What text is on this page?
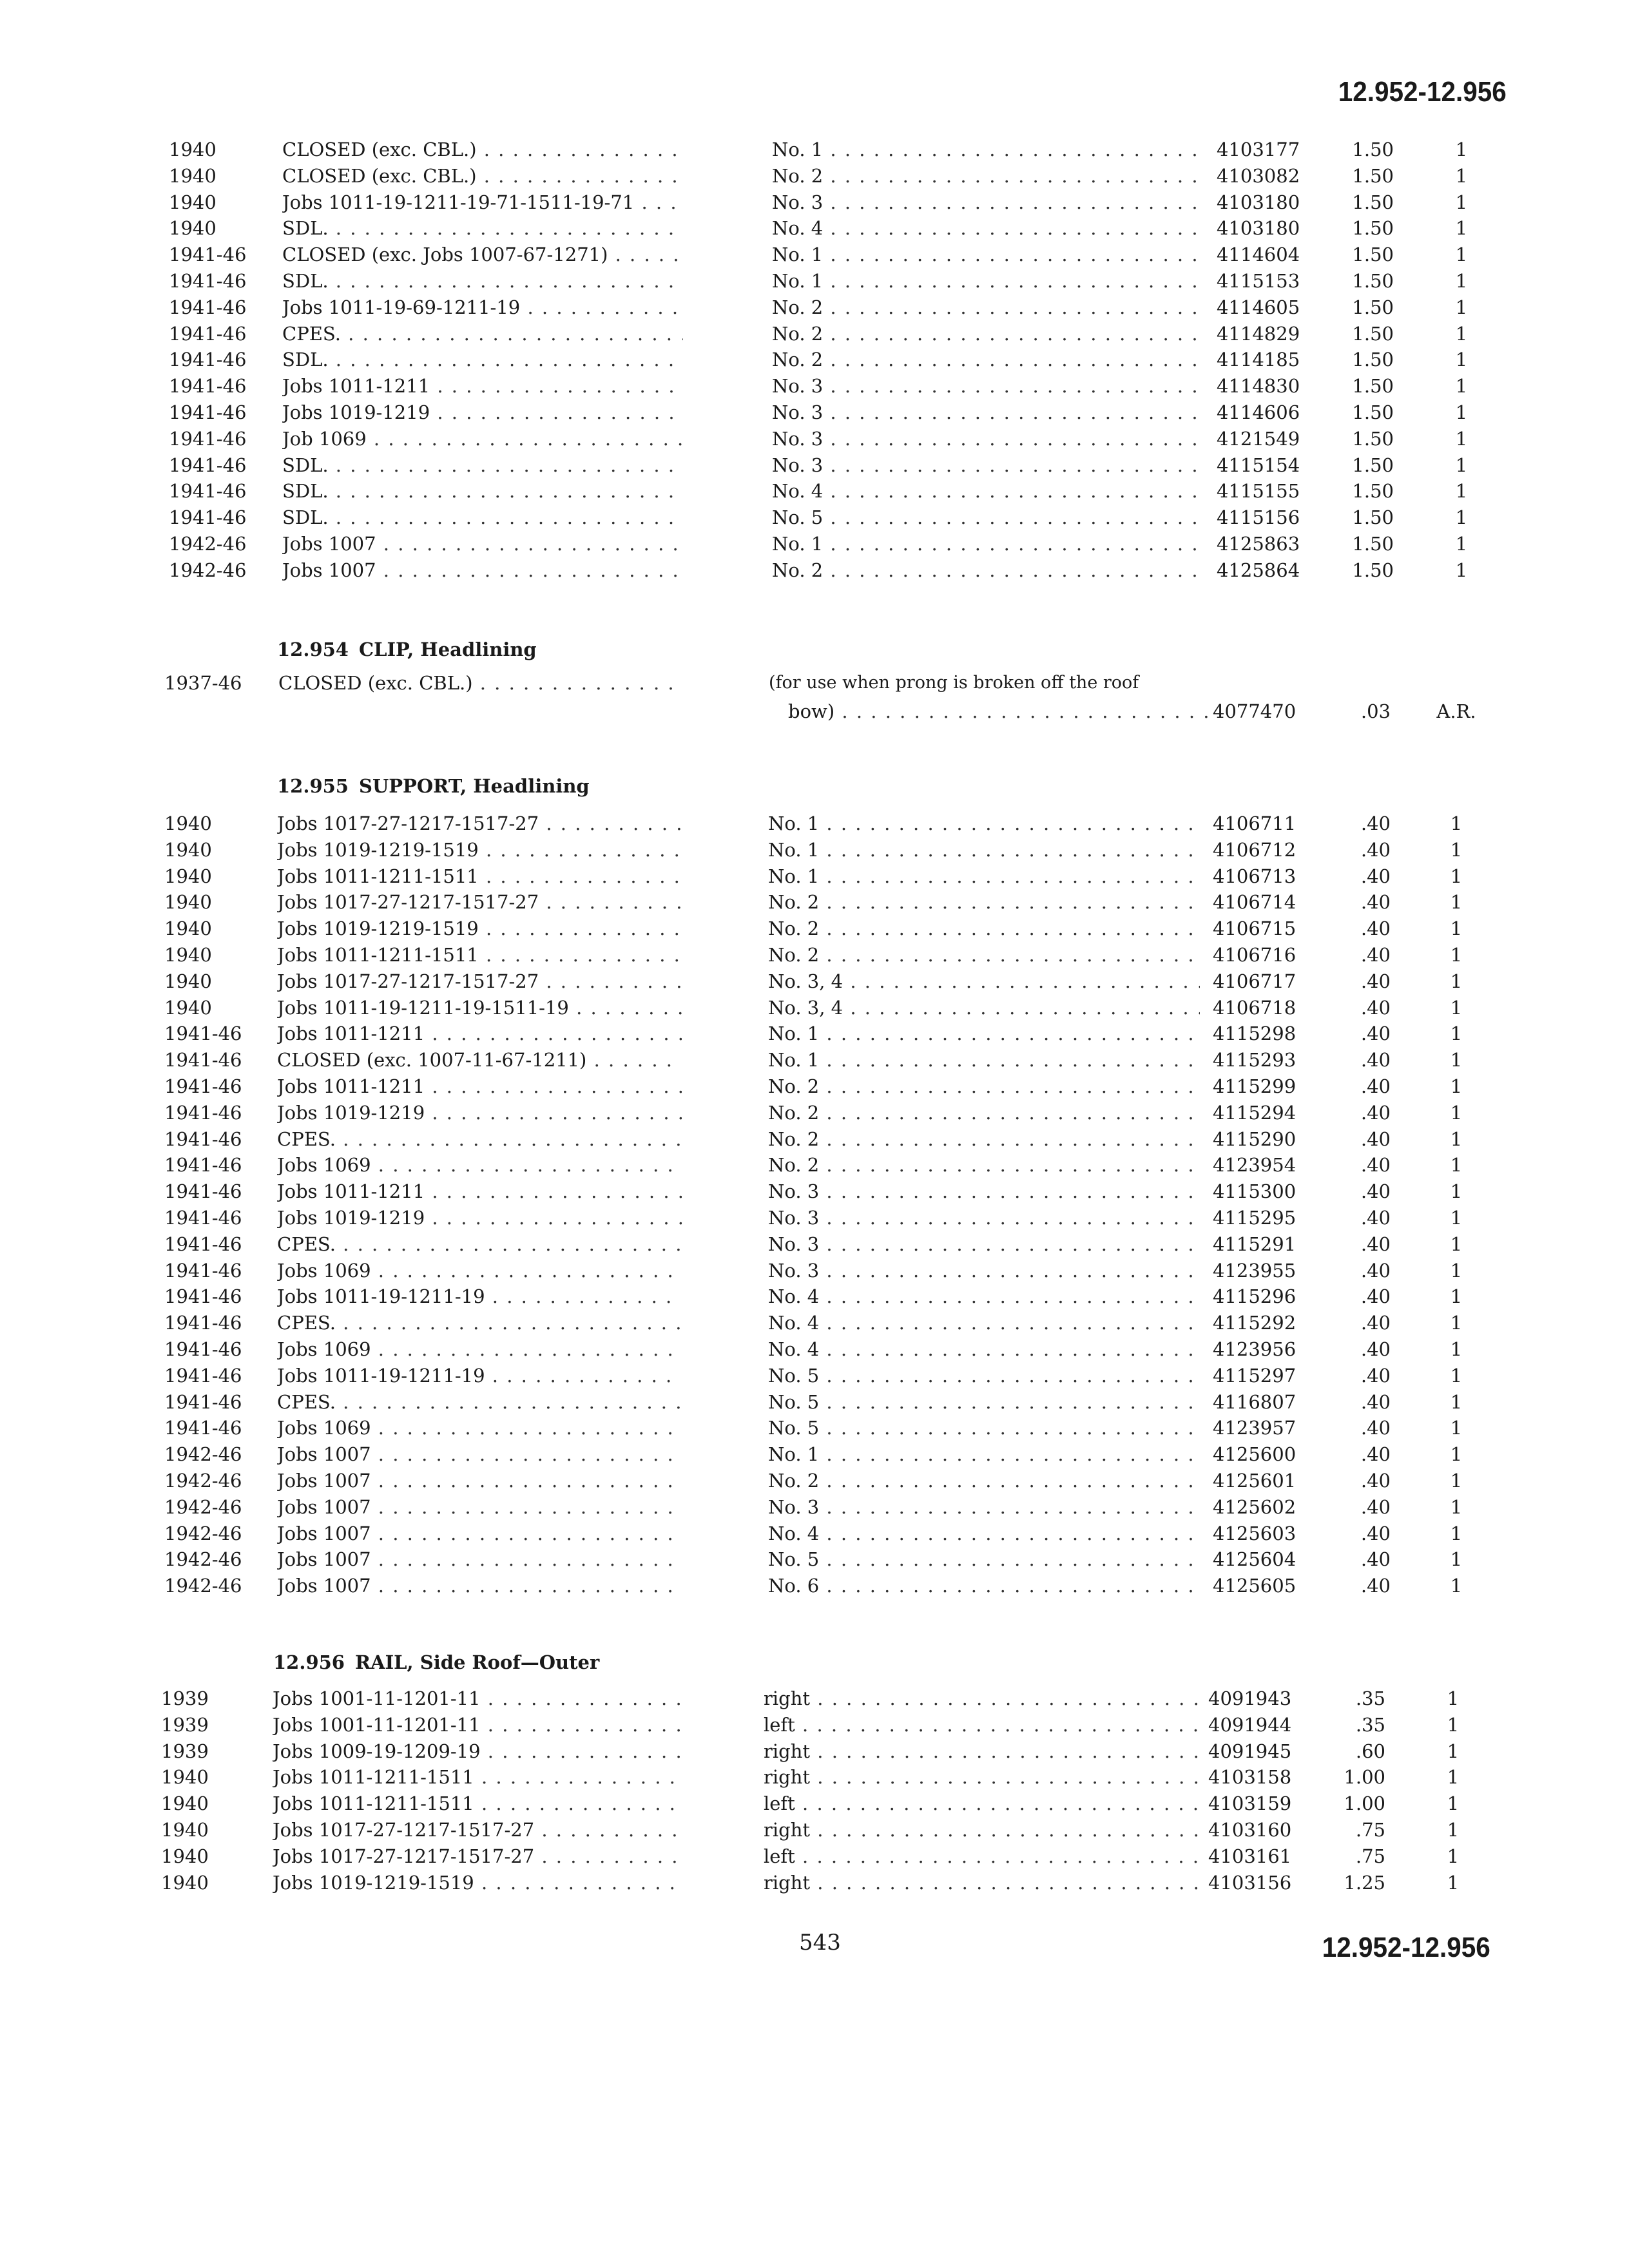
12.952-12.956
1940	CLOSED (exc. CBL.) . . .	No. 1 . . .	4103177	1.50	1
1940	CLOSED (exc. CBL.) . . .	No. 2 . . .	4103082	1.50	1
1940	Jobs 1011-19-1211-19-71-1511-19-71 . . .	No. 3 . . .	4103180	1.50	1
1940	SDL. . . .	No. 4 . . .	4103180	1.50	1
1941-46 CLOSED (exc. Jobs 1007-67-1271) . . .	No. 1 . . .	4114604	1.50	1
1941-46 SDL. . . .	No. 1 . . .	4115153	1.50	1
1941-46 Jobs 1011-19-69-1211-19 . . .	No. 2 . . .	4114605	1.50	1
1941-46 CPES. . . .	No. 2 . . .	4114829	1.50	1
1941-46 SDL. . . .	No. 2 . . .	4114185	1.50	1
1941-46 Jobs 1011-1211 . . .	No. 3 . . .	4114830	1.50	1
1941-46 Jobs 1019-1219 . . .	No. 3 . . .	4114606	1.50	1
1941-46 Job 1069 . . .	No. 3 . . .	4121549	1.50	1
1941-46 SDL. . . .	No. 3 . . .	4115154	1.50	1
1941-46 SDL. . . .	No. 4 . . .	4115155	1.50	1
1941-46 SDL. . . .	No. 5 . . .	4115156	1.50	1
1942-46 Jobs 1007 . . .	No. 1 . . .	4125863	1.50	1
1942-46 Jobs 1007 . . .	No. 2 . . .	4125864	1.50	1
12.954 CLIP, Headlining
1937-46 CLOSED (exc. CBL.) . . .	(for use when prong is broken off the roof
bow) . . .	4077470	.03	A.R.
12.955 SUPPORT, Headlining
1940	Jobs 1017-27-1217-1517-27 . . .	No. 1 . . .	4106711	.40	1
1940	Jobs 1019-1219-1519 . . .	No. 1 . . .	4106712	.40	1
1940	Jobs 1011-1211-1511 . . .	No. 1 . . .	4106713	.40	1
1940	Jobs 1017-27-1217-1517-27 . . .	No. 2 . . .	4106714	.40	1
1940	Jobs 1019-1219-1519 . . .	No. 2 . . .	4106715	.40	1
1940	Jobs 1011-1211-1511 . . .	No. 2 . . .	4106716	.40	1
1940	Jobs 1017-27-1217-1517-27 . . .	No. 3, 4 . . .	4106717	.40	1
1940	Jobs 1011-19-1211-19-1511-19 . . .	No. 3, 4 . . .	4106718	.40	1
1941-46 Jobs 1011-1211 . . .	No. 1 . . .	4115298	.40	1
1941-46 CLOSED (exc. 1007-11-67-1211) . . .	No. 1 . . .	4115293	.40	1
1941-46 Jobs 1011-1211 . . .	No. 2 . . .	4115299	.40	1
1941-46 Jobs 1019-1219 . . .	No. 2 . . .	4115294	.40	1
1941-46 CPES. . . .	No. 2 . . .	4115290	.40	1
1941-46 Jobs 1069 . . .	No. 2 . . .	4123954	.40	1
1941-46 Jobs 1011-1211 . . .	No. 3 . . .	4115300	.40	1
1941-46 Jobs 1019-1219 . . .	No. 3 . . .	4115295	.40	1
1941-46 CPES. . . .	No. 3 . . .	4115291	.40	1
1941-46 Jobs 1069 . . .	No. 3 . . .	4123955	.40	1
1941-46 Jobs 1011-19-1211-19 . . .	No. 4 . . .	4115296	.40	1
1941-46 CPES. . . .	No. 4 . . .	4115292	.40	1
1941-46 Jobs 1069 . . .	No. 4 . . .	4123956	.40	1
1941-46 Jobs 1011-19-1211-19 . . .	No. 5 . . .	4115297	.40	1
1941-46 CPES. . . .	No. 5 . . .	4116807	.40	1
1941-46 Jobs 1069 . . .	No. 5 . . .	4123957	.40	1
1942-46 Jobs 1007 . . .	No. 1 . . .	4125600	.40	1
1942-46 Jobs 1007 . . .	No. 2 . . .	4125601	.40	1
1942-46 Jobs 1007 . . .	No. 3 . . .	4125602	.40	1
1942-46 Jobs 1007 . . .	No. 4 . . .	4125603	.40	1
1942-46 Jobs 1007 . . .	No. 5 . . .	4125604	.40	1
1942-46 Jobs 1007 . . .	No. 6 . . .	4125605	.40	1
12.956 RAIL, Side Roof—Outer
1939	Jobs 1001-11-1201-11 . . .	right . . .	4091943	.35	1
1939	Jobs 1001-11-1201-11 . . .	left . . .	4091944	.35	1
1939	Jobs 1009-19-1209-19 . . .	right . . .	4091945	.60	1
1940	Jobs 1011-1211-1511 . . .	right . . .	4103158	1.00	1
1940	Jobs 1011-1211-1511 . . .	left . . .	4103159	1.00	1
1940	Jobs 1017-27-1217-1517-27 . . .	right . . .	4103160	.75	1
1940	Jobs 1017-27-1217-1517-27 . . .	left . . .	4103161	.75	1
1940	Jobs 1019-1219-1519 . . .	right . . .	4103156	1.25	1
543	12.952-12.956
